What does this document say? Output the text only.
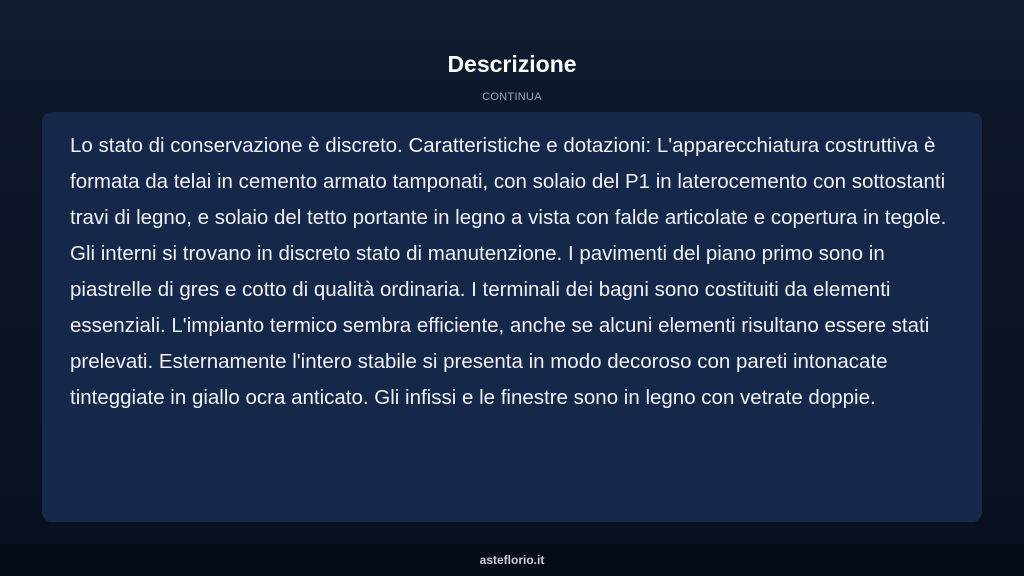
Descrizione
CONTINUA

Lo stato di conservazione è discreto. Caratteristiche e dotazioni: L'apparecchiatura costruttiva è formata da telai in cemento armato tamponati, con solaio del P1 in laterocemento con sottostanti travi di legno, e solaio del tetto portante in legno a vista con falde articolate e copertura in tegole. Gli interni si trovano in discreto stato di manutenzione. I pavimenti del piano primo sono in piastrelle di gres e cotto di qualità ordinaria. I terminali dei bagni sono costituiti da elementi essenziali. L'impianto termico sembra efficiente, anche se alcuni elementi risultano essere stati prelevati. Esternamente l'intero stabile si presenta in modo decoroso con pareti intonacate tinteggiate in giallo ocra anticato. Gli infissi e le finestre sono in legno con vetrate doppie.

asteflorio.it
